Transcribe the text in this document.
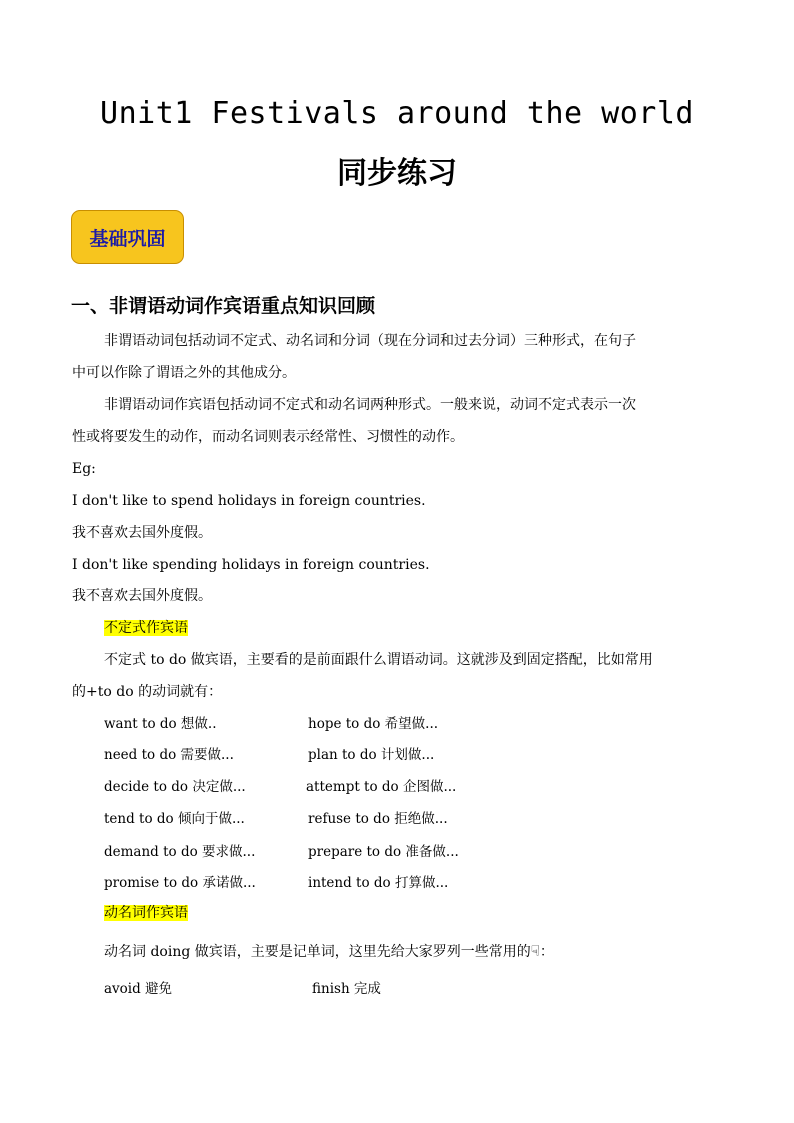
Unit1 Festivals around the world
同步练习
基础巩固
一、非谓语动词作宾语重点知识回顾
非谓语动词包括动词不定式、动名词和分词（现在分词和过去分词）三种形式，在句子
中可以作除了谓语之外的其他成分。
非谓语动词作宾语包括动词不定式和动名词两种形式。一般来说，动词不定式表示一次
性或将要发生的动作，而动名词则表示经常性、习惯性的动作。
Eg:
I don't like to spend holidays in foreign countries.
我不喜欢去国外度假。
I don't like spending holidays in foreign countries.
我不喜欢去国外度假。
不定式作宾语
不定式 to do 做宾语，主要看的是前面跟什么谓语动词。这就涉及到固定搭配，比如常用
的+to do 的动词就有：
want to do 想做..	hope to do 希望做...
need to do 需要做...	plan to do 计划做...
decide to do 决定做...	attempt to do 企图做...
tend to do 倾向于做...	refuse to do 拒绝做...
demand to do 要求做...	prepare to do 准备做...
promise to do 承诺做...	intend to do 打算做...
动名词作宾语
动名词 doing 做宾语，主要是记单词，这里先给大家罗列一些常用的☟：
avoid 避免	finish 完成
